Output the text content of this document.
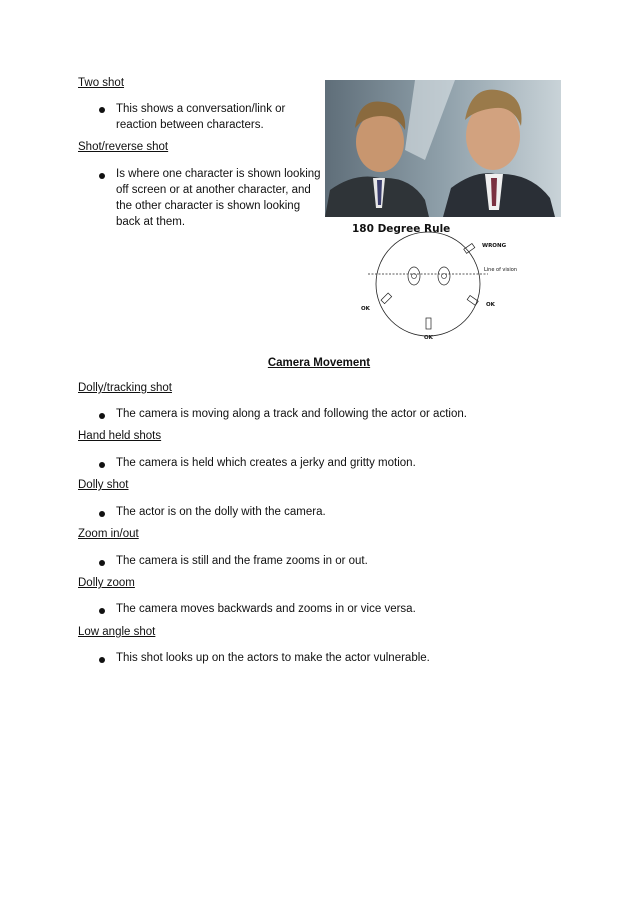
Two shot
This shows a conversation/link or
reaction between characters.
Shot/reverse shot
Is where one character is shown looking
off screen or at another character, and
the other character is shown looking
back at them.
180 Degree Rule
WRONG
Line of vision
OK
OK
OK
Camera Movement
Dolly/tracking shot
The camera is moving along a track and following the actor or action.
Hand held shots
The camera is held which creates a jerky and gritty motion.
Dolly shot
The actor is on the dolly with the camera.
Zoom in/out
The camera is still and the frame zooms in or out.
Dolly zoom
The camera moves backwards and zooms in or vice versa.
Low angle shot
This shot looks up on the actors to make the actor vulnerable.
